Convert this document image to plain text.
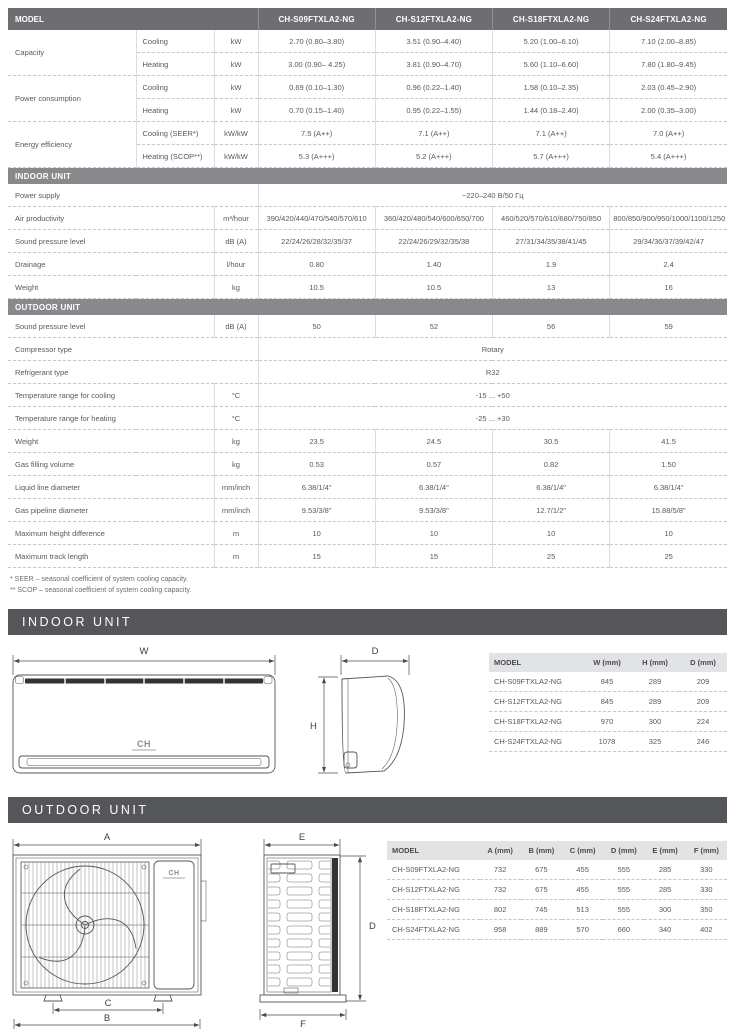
MODEL			CH-S09FTXLA2-NG	CH-S12FTXLA2-NG	CH-S18FTXLA2-NG	CH-S24FTXLA2-NG
Capacity	Cooling	kW	2.70 (0.80–3.80)	3.51 (0.90–4.40)	5.20 (1.00–6.10)	7.10 (2.00–8.85)
	Heating	kW	3.00 (0.90– 4.25)	3.81 (0.90–4.70)	5.60 (1.10–6.60)	7.80 (1.80–9.45)
Power consumption	Cooling	kW	0.69 (0.10–1.30)	0.96 (0.22–1.40)	1.58 (0.10–2.35)	2.03 (0.45–2.90)
	Heating	kW	0.70 (0.15–1.40)	0.95 (0.22–1.55)	1.44 (0.18–2.40)	2.00 (0.35–3.00)
Energy efficiency	Cooling (SEER*)	kW/kW	7.5 (A++)	7.1 (A++)	7.1 (A++)	7.0 (A++)
	Heating (SCOP**)	kW/kW	5.3 (A+++)	5.2 (A+++)	5.7 (A+++)	5.4 (A+++)
INDOOR UNIT						
Power supply			~220–240 В/50 Гц			
Air productivity		m³/hour	390/420/440/470/540/570/610	360/420/480/540/600/650/700	460/520/570/610/680/750/850	800/850/900/950/1000/1100/1250
Sound pressure level		dB (A)	22/24/26/28/32/35/37	22/24/26/29/32/35/38	27/31/34/35/38/41/45	29/34/36/37/39/42/47
Drainage		l/hour	0.80	1.40	1.9	2.4
Weight		kg	10.5	10.5	13	16
OUTDOOR UNIT						
Sound pressure level		dB (A)	50	52	56	59
Compressor type			Rotary			
Refrigerant type			R32			
Temperature range for cooling		°C	-15 ... +50			
Temperature range for heating		°C	-25 ... +30			
Weight		kg	23.5	24.5	30.5	41.5
Gas filling volume		kg	0.53	0.57	0.82	1.50
Liquid line diameter		mm/inch	6.38/1/4"	6.38/1/4"	6.38/1/4"	6.38/1/4"
Gas pipeline diameter		mm/inch	9.53/3/8"	9.53/3/8"	12.7/1/2"	15.88/5/8"
Maximum height difference		m	10	10	10	10
Maximum track length		m	15	15	25	25
* SEER – seasonal coefficient of system cooling capacity.
** SCOP – seasonal coefficient of system cooling capacity.
INDOOR UNIT
W
CH
D
H
MODEL	W (mm)	H (mm)	D (mm)
CH-S09FTXLA2-NG	845	289	209
CH-S12FTXLA2-NG	845	289	209
CH-S18FTXLA2-NG	970	300	224
CH-S24FTXLA2-NG	1078	325	246
OUTDOOR UNIT
A
CH
C
B
E
D
F
MODEL	A (mm)	B (mm)	C (mm)	D (mm)	E (mm)	F (mm)
CH-S09FTXLA2-NG	732	675	455	555	285	330
CH-S12FTXLA2-NG	732	675	455	555	285	330
CH-S18FTXLA2-NG	802	745	513	555	300	350
CH-S24FTXLA2-NG	958	889	570	660	340	402
